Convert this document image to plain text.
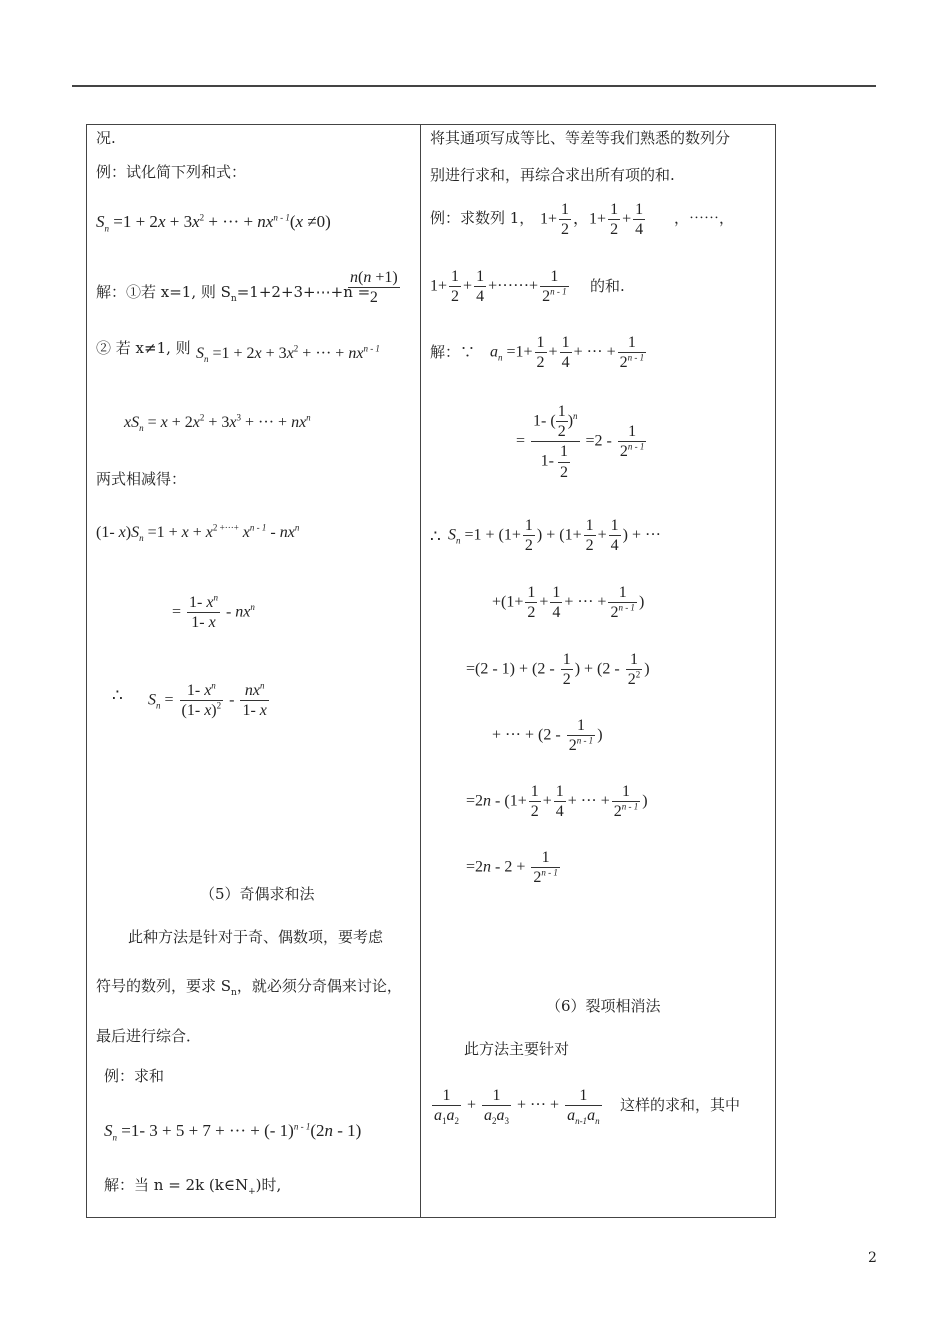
况.
例：试化简下列和式：
$S_n =1 + 2x + 3x^2$ + ··· + $nx^{n - 1}(x \ne 0)$
解：①若 x=1, 则 $S_n=1+2+3+\cdots+n$ =
$\frac{n(n +1)}{2}$
② 若 x≠1, 则 $S_n =1 + 2x + 3x^2$ + ··· + $nx^{n - 1}$
$xS_n = x + 2x^2 + 3x^3$ + ··· + $nx^n$
两式相减得：
(1- $x)S_n =1 + x + x^{2 +\cdot\cdot\cdot+}$ $x^{n - 1} - nx^n$
= $\frac{1- x^n}{1- x} - nx^n$
∴ $S_n = \frac{1- x^n}{(1- x)^2} - \frac{nx^n}{1- x}$
（5）奇偶求和法
此种方法是针对于奇、偶数项，要考虑
符号的数列，要求 $S_n$，就必须分奇偶来讨论，
最后进行综合．
例：求和
$S_n =1-$ 3 + 5 + 7 + ··· + (- 1)$^{n - 1}$(2n - 1)
解：当 n = 2k $(k\in N_+)$时,
将其通项写成等比、等差等我们熟悉的数列分
别进行求和，再综合求出所有项的和.
例：求数列 1， $1+ \frac{1}{2}$ ，$1+ \frac{1}{2} + \frac{1}{4}$ ，⋯⋯，
$1+ \frac{1}{2} + \frac{1}{4}$ +······+ $\frac{1}{2^{n - 1}}$ 的和.
解：∵ $a_n =1+ \frac{1}{2} + \frac{1}{4}$ + ··· + $\frac{1}{2^{n - 1}}$
= $\frac{1- ( \frac{1}{2} )^n}{1- \frac{1}{2}} =2 - \frac{1}{2^{n - 1}}$
∴ $S_n =1 + (1+ \frac{1}{2}$ ) + ($1+ \frac{1}{2} + \frac{1}{4}$ ) + ···
$+(1+ \frac{1}{2} + \frac{1}{4}$ + ··· + $\frac{1}{2^{n - 1}}$ )
$=(2 - 1) + (2 - \frac{1}{2}$ ) + ($2 - \frac{1}{2^2}$ )
+ ··· + ($2 - \frac{1}{2^{n - 1}}$ )
$=2n - (1+ \frac{1}{2} + \frac{1}{4}$ + ··· + $\frac{1}{2^{n - 1}}$ )
$=2n - 2 + \frac{1}{2^{n - 1}}$
（6）裂项相消法
此方法主要针对
$\frac{1}{a_1a_2} + \frac{1}{a_2a_3}$ + ··· + $\frac{1}{a_{n-1}a_n}$ 这样的求和，其中
2
